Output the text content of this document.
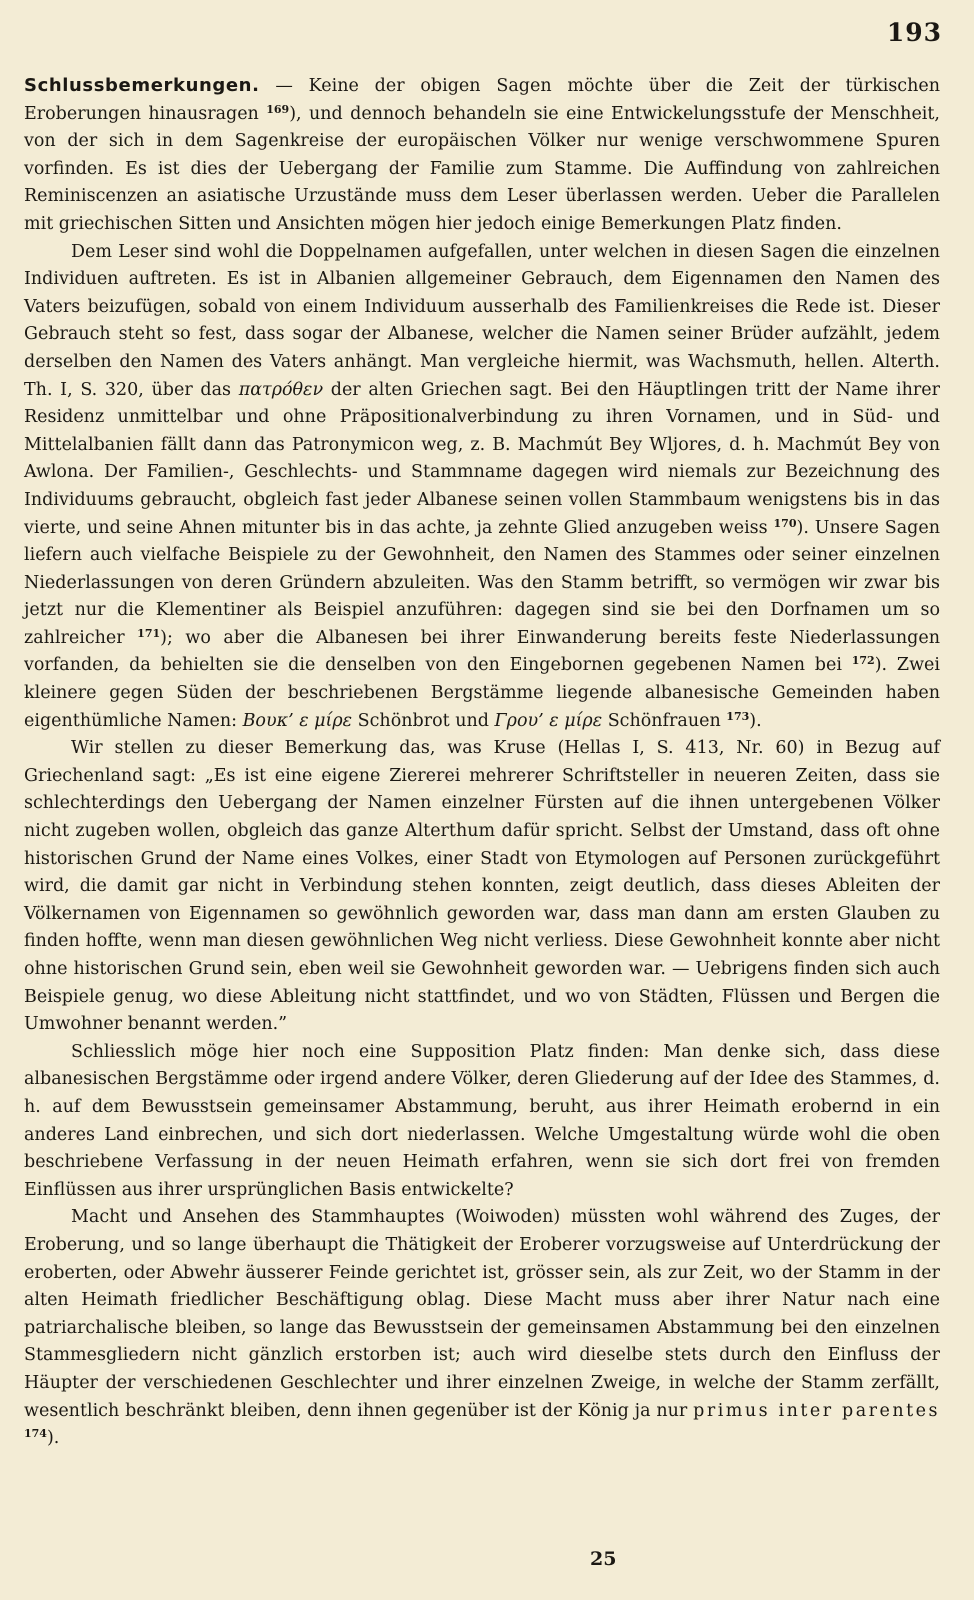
193

Schlussbemerkungen. — Keine der obigen Sagen möchte über die Zeit der türkischen Eroberungen hinausragen $^{169}$), und dennoch behandeln sie eine Entwickelungsstufe der Menschheit, von der sich in dem Sagenkreise der europäischen Völker nur wenige verschwommene Spuren vorfinden. Es ist dies der Uebergang der Familie zum Stamme. Die Auffindung von zahlreichen Reminiscenzen an asiatische Urzustände muss dem Leser überlassen werden. Ueber die Parallelen mit griechischen Sitten und Ansichten mögen hier jedoch einige Bemerkungen Platz finden.

Dem Leser sind wohl die Doppelnamen aufgefallen, unter welchen in diesen Sagen die einzelnen Individuen auftreten. Es ist in Albanien allgemeiner Gebrauch, dem Eigennamen den Namen des Vaters beizufügen, sobald von einem Individuum ausserhalb des Familienkreises die Rede ist. Dieser Gebrauch steht so fest, dass sogar der Albanese, welcher die Namen seiner Brüder aufzählt, jedem derselben den Namen des Vaters anhängt. Man vergleiche hiermit, was Wachsmuth, hellen. Alterth. Th. I, S. 320, über das πατρόθεν der alten Griechen sagt. Bei den Häuptlingen tritt der Name ihrer Residenz unmittelbar und ohne Präpositionalverbindung zu ihren Vornamen, und in Süd- und Mittelalbanien fällt dann das Patronymicon weg, z. B. Machmút Bey Wljores, d. h. Machmút Bey von Awlona. Der Familien-, Geschlechts- und Stammname dagegen wird niemals zur Bezeichnung des Individuums gebraucht, obgleich fast jeder Albanese seinen vollen Stammbaum wenigstens bis in das vierte, und seine Ahnen mitunter bis in das achte, ja zehnte Glied anzugeben weiss $^{170}$). Unsere Sagen liefern auch vielfache Beispiele zu der Gewohnheit, den Namen des Stammes oder seiner einzelnen Niederlassungen von deren Gründern abzuleiten. Was den Stamm betrifft, so vermögen wir zwar bis jetzt nur die Klementiner als Beispiel anzuführen: dagegen sind sie bei den Dorfnamen um so zahlreicher $^{171}$); wo aber die Albanesen bei ihrer Einwanderung bereits feste Niederlassungen vorfanden, da behielten sie die denselben von den Eingebornen gegebenen Namen bei $^{172}$). Zwei kleinere gegen Süden der beschriebenen Bergstämme liegende albanesische Gemeinden haben eigenthümliche Namen: Βουκ’ ε μίρε Schönbrot und Γρου’ ε μίρε Schönfrauen $^{173}$).

Wir stellen zu dieser Bemerkung das, was Kruse (Hellas I, S. 413, Nr. 60) in Bezug auf Griechenland sagt: „Es ist eine eigene Ziererei mehrerer Schriftsteller in neueren Zeiten, dass sie schlechterdings den Uebergang der Namen einzelner Fürsten auf die ihnen untergebenen Völker nicht zugeben wollen, obgleich das ganze Alterthum dafür spricht. Selbst der Umstand, dass oft ohne historischen Grund der Name eines Volkes, einer Stadt von Etymologen auf Personen zurückgeführt wird, die damit gar nicht in Verbindung stehen konnten, zeigt deutlich, dass dieses Ableiten der Völkernamen von Eigennamen so gewöhnlich geworden war, dass man dann am ersten Glauben zu finden hoffte, wenn man diesen gewöhnlichen Weg nicht verliess. Diese Gewohnheit konnte aber nicht ohne historischen Grund sein, eben weil sie Gewohnheit geworden war. — Uebrigens finden sich auch Beispiele genug, wo diese Ableitung nicht stattfindet, und wo von Städten, Flüssen und Bergen die Umwohner benannt werden.”

Schliesslich möge hier noch eine Supposition Platz finden: Man denke sich, dass diese albanesischen Bergstämme oder irgend andere Völker, deren Gliederung auf der Idee des Stammes, d. h. auf dem Bewusstsein gemeinsamer Abstammung, beruht, aus ihrer Heimath erobernd in ein anderes Land einbrechen, und sich dort niederlassen. Welche Umgestaltung würde wohl die oben beschriebene Verfassung in der neuen Heimath erfahren, wenn sie sich dort frei von fremden Einflüssen aus ihrer ursprünglichen Basis entwickelte?

Macht und Ansehen des Stammhauptes (Woiwoden) müssten wohl während des Zuges, der Eroberung, und so lange überhaupt die Thätigkeit der Eroberer vorzugsweise auf Unterdrückung der eroberten, oder Abwehr äusserer Feinde gerichtet ist, grösser sein, als zur Zeit, wo der Stamm in der alten Heimath friedlicher Beschäftigung oblag. Diese Macht muss aber ihrer Natur nach eine patriarchalische bleiben, so lange das Bewusstsein der gemeinsamen Abstammung bei den einzelnen Stammesgliedern nicht gänzlich erstorben ist; auch wird dieselbe stets durch den Einfluss der Häupter der verschiedenen Geschlechter und ihrer einzelnen Zweige, in welche der Stamm zerfällt, wesentlich beschränkt bleiben, denn ihnen gegenüber ist der König ja nur primus inter parentes $^{174}$).

25
